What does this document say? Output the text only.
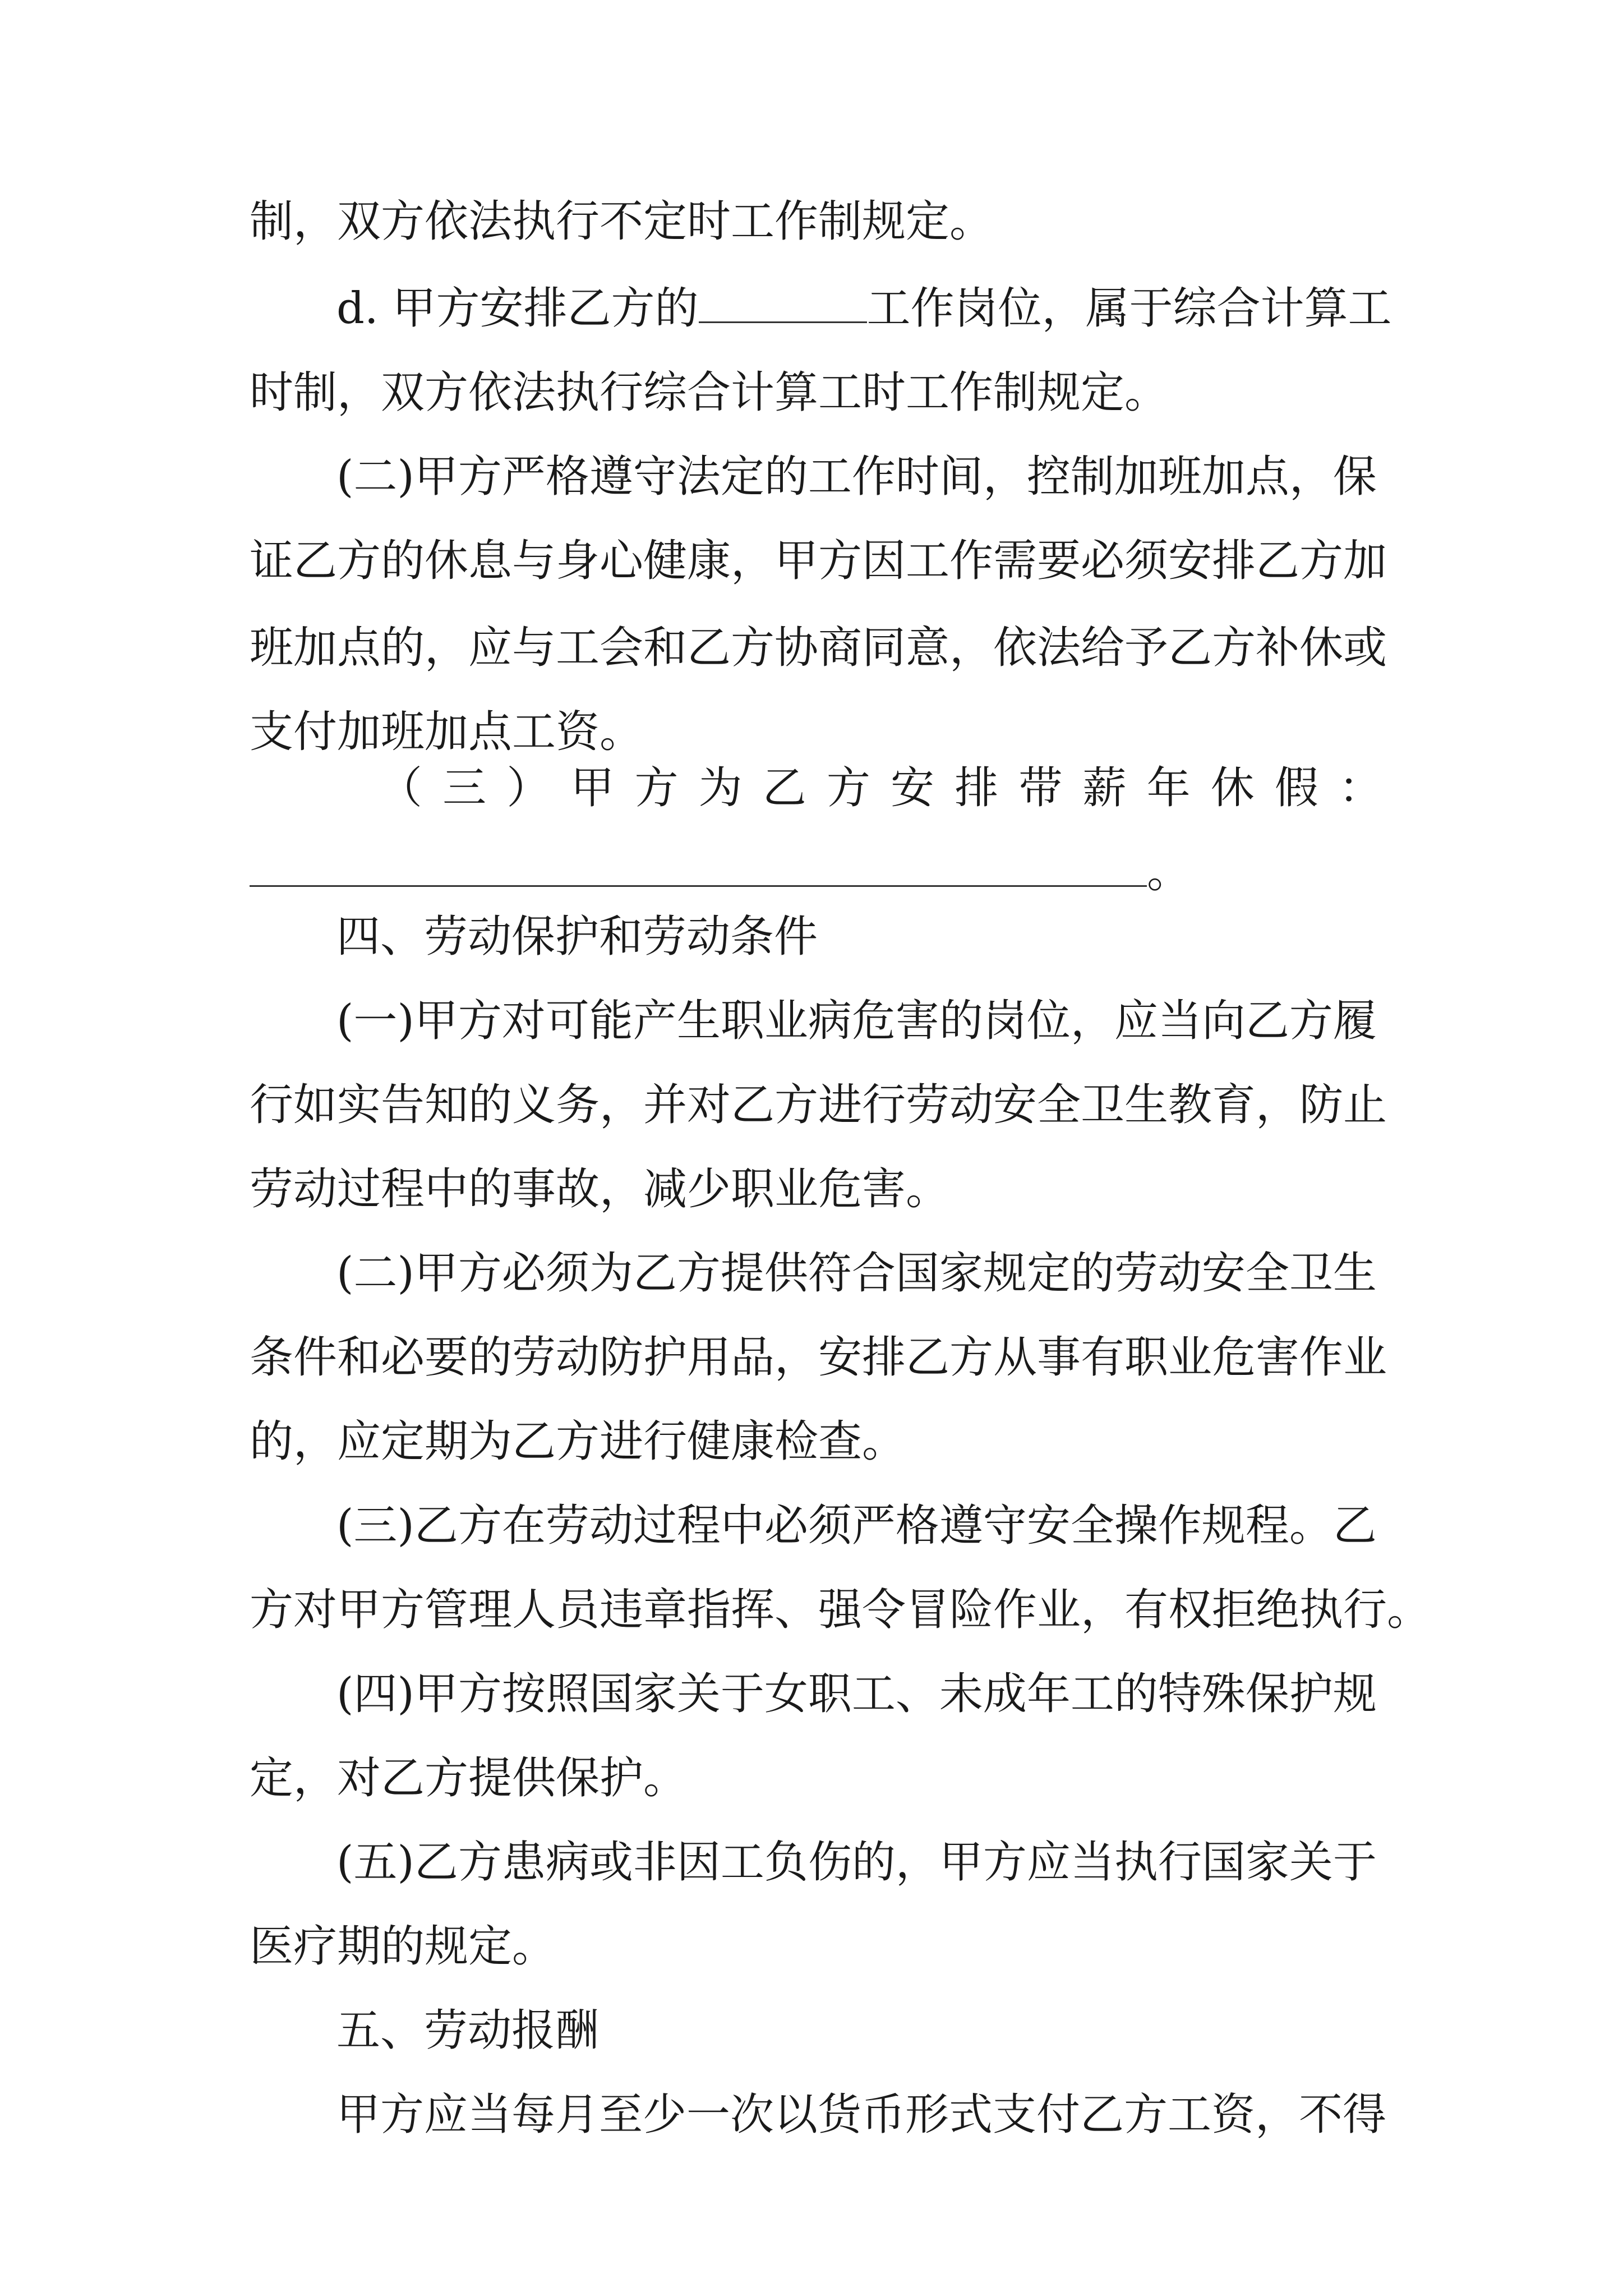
制，双方依法执行不定时工作制规定。
d. 甲方安排乙方的	工作岗位，属于综合计算工
时制，双方依法执行综合计算工时工作制规定。
(二)甲方严格遵守法定的工作时间，控制加班加点，保
证乙方的休息与身心健康，甲方因工作需要必须安排乙方加
班加点的，应与工会和乙方协商同意，依法给予乙方补休或
支付加班加点工资。
（三）甲方为乙方安排带薪年休假：
。
四、劳动保护和劳动条件
(一)甲方对可能产生职业病危害的岗位，应当向乙方履
行如实告知的义务，并对乙方进行劳动安全卫生教育，防止
劳动过程中的事故，减少职业危害。
(二)甲方必须为乙方提供符合国家规定的劳动安全卫生
条件和必要的劳动防护用品，安排乙方从事有职业危害作业
的，应定期为乙方进行健康检查。
(三)乙方在劳动过程中必须严格遵守安全操作规程。乙
方对甲方管理人员违章指挥、强令冒险作业，有权拒绝执行。
(四)甲方按照国家关于女职工、未成年工的特殊保护规
定，对乙方提供保护。
(五)乙方患病或非因工负伤的，甲方应当执行国家关于
医疗期的规定。
五、劳动报酬
甲方应当每月至少一次以货币形式支付乙方工资，不得
